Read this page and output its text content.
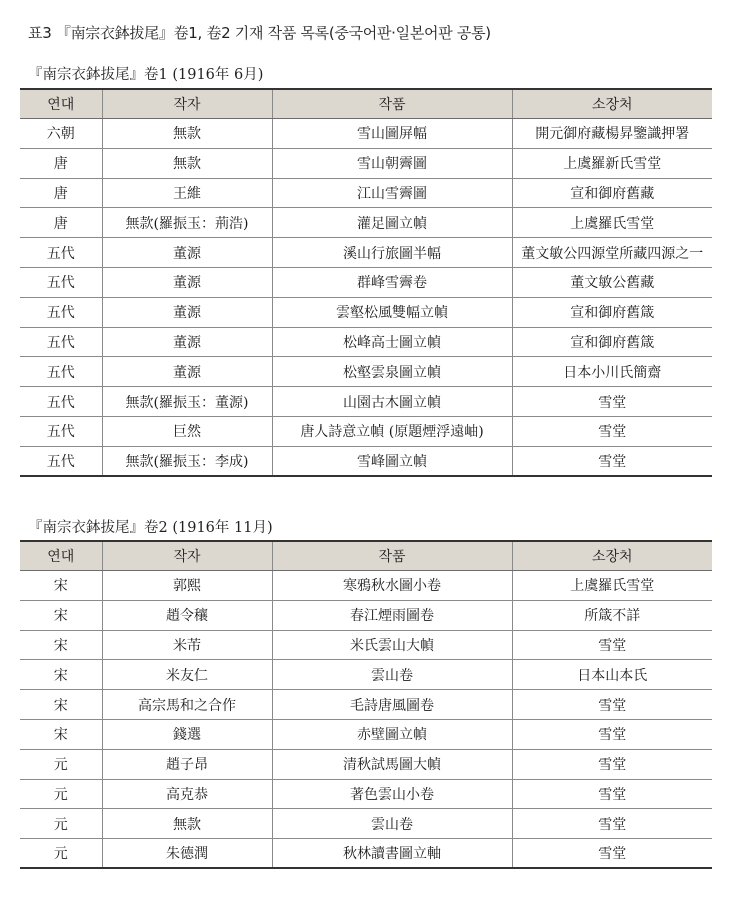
표3 『南宗衣鉢拔尾』卷1, 卷2 기재 작품 목록(중국어판·일본어판 공통)
『南宗衣鉢拔尾』卷1 (1916年 6月)
연대	작자	작품	소장처
六朝	無款	雪山圖屏幅	開元御府藏楊昇鑒識押署
唐	無款	雪山朝霽圖	上虞羅新氏雪堂
唐	王維	江山雪霽圖	宣和御府舊藏
唐	無款(羅振玉：荊浩)	灌足圖立幀	上虞羅氏雪堂
五代	董源	溪山行旅圖半幅	董文敏公四源堂所藏四源之一
五代	董源	群峰雪霽卷	董文敏公舊藏
五代	董源	雲壑松風雙幅立幀	宣和御府舊箴
五代	董源	松峰高士圖立幀	宣和御府舊箴
五代	董源	松壑雲泉圖立幀	日本小川氏簡齋
五代	無款(羅振玉：董源)	山園古木圖立幀	雪堂
五代	巨然	唐人詩意立幀 (原題煙浮遠岫)	雪堂
五代	無款(羅振玉：李成)	雪峰圖立幀	雪堂
『南宗衣鉢拔尾』卷2 (1916年 11月)
연대	작자	작품	소장처
宋	郭熙	寒鴉秋水圖小卷	上虞羅氏雪堂
宋	趙令穰	春江煙雨圖卷	所箴不詳
宋	米芾	米氏雲山大幀	雪堂
宋	米友仁	雲山卷	日本山本氏
宋	高宗馬和之合作	毛詩唐風圖卷	雪堂
宋	錢選	赤壁圖立幀	雪堂
元	趙子昂	清秋試馬圖大幀	雪堂
元	高克恭	著色雲山小卷	雪堂
元	無款	雲山卷	雪堂
元	朱德潤	秋林讀書圖立軸	雪堂
